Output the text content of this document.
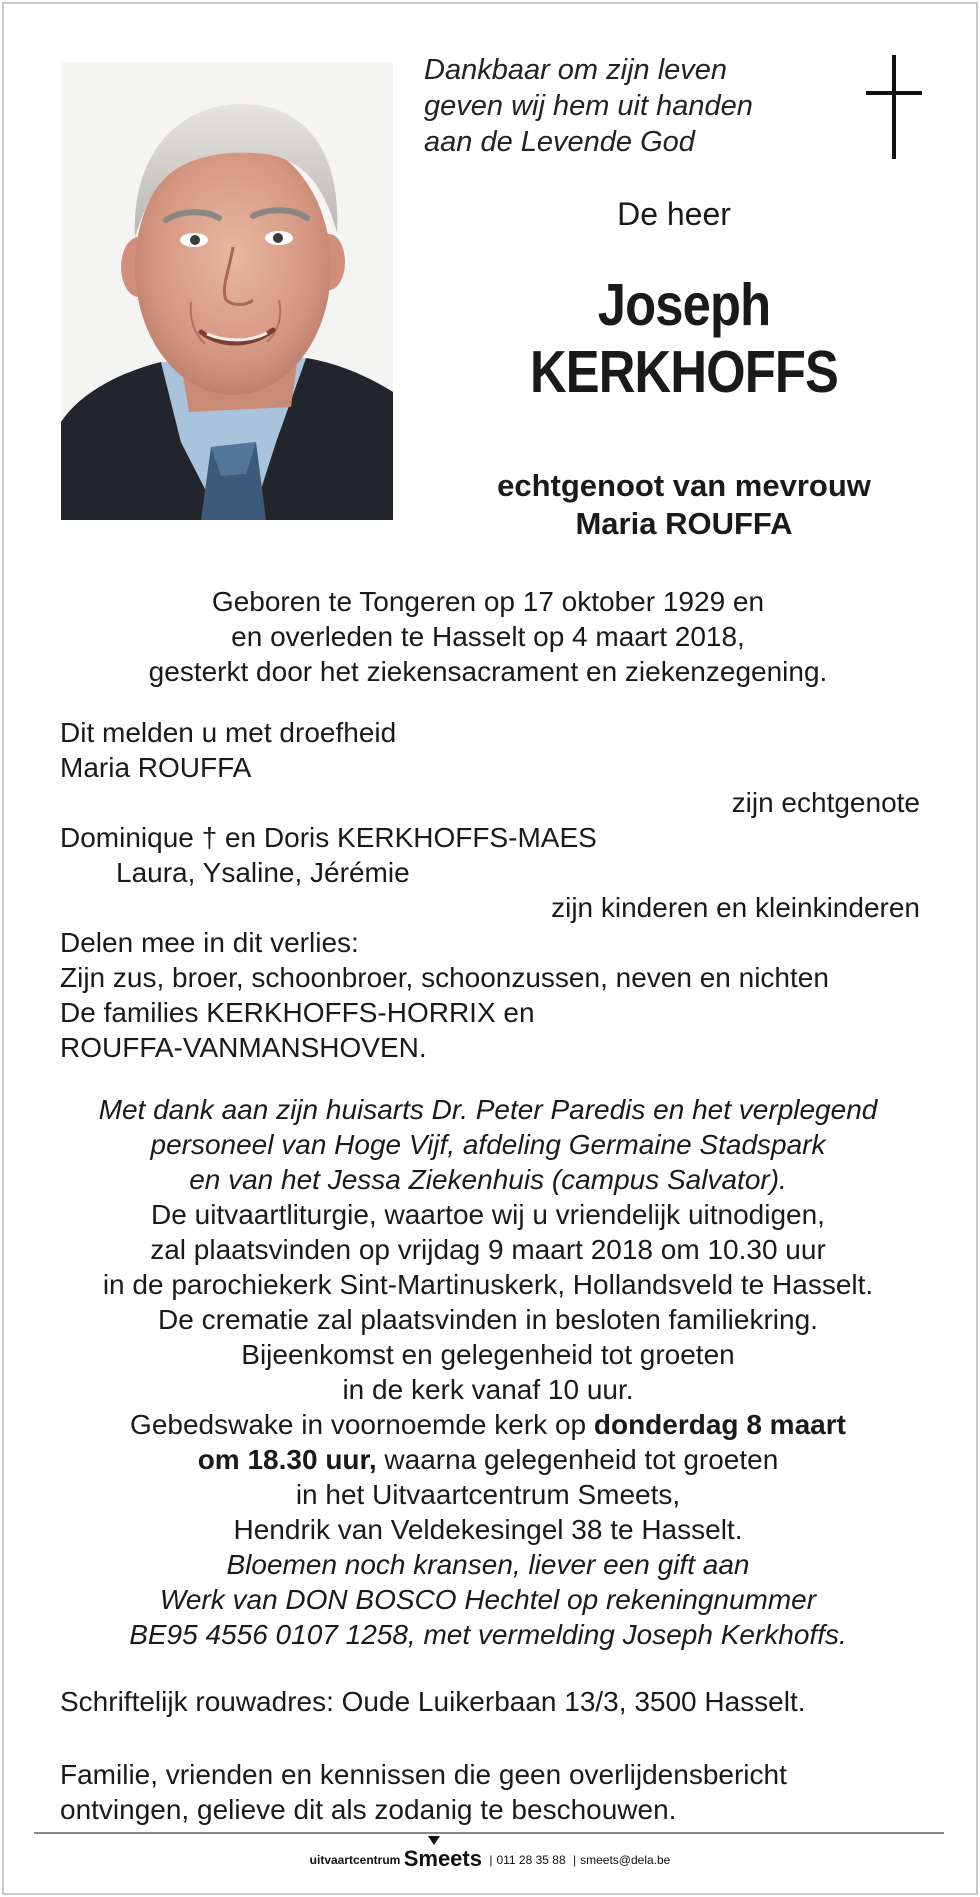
Dankbaar om zijn leven
geven wij hem uit handen
aan de Levende God
De heer
Joseph
KERKHOFFS
echtgenoot van mevrouw
Maria ROUFFA
Geboren te Tongeren op 17 oktober 1929 en
en overleden te Hasselt op 4 maart 2018,
gesterkt door het ziekensacrament en ziekenzegening.
Dit melden u met droefheid
Maria ROUFFA
zijn echtgenote
Dominique † en Doris KERKHOFFS-MAES
Laura, Ysaline, Jérémie
zijn kinderen en kleinkinderen
Delen mee in dit verlies:
Zijn zus, broer, schoonbroer, schoonzussen, neven en nichten
De families KERKHOFFS-HORRIX en
ROUFFA-VANMANSHOVEN.
Met dank aan zijn huisarts Dr. Peter Paredis en het verplegend
personeel van Hoge Vijf, afdeling Germaine Stadspark
en van het Jessa Ziekenhuis (campus Salvator).
De uitvaartliturgie, waartoe wij u vriendelijk uitnodigen,
zal plaatsvinden op vrijdag 9 maart 2018 om 10.30 uur
in de parochiekerk Sint-Martinuskerk, Hollandsveld te Hasselt.
De crematie zal plaatsvinden in besloten familiekring.
Bijeenkomst en gelegenheid tot groeten
in de kerk vanaf 10 uur.
Gebedswake in voornoemde kerk op donderdag 8 maart
om 18.30 uur, waarna gelegenheid tot groeten
in het Uitvaartcentrum Smeets,
Hendrik van Veldekesingel 38 te Hasselt.
Bloemen noch kransen, liever een gift aan
Werk van DON BOSCO Hechtel op rekeningnummer
BE95 4556 0107 1258, met vermelding Joseph Kerkhoffs.
Schriftelijk rouwadres: Oude Luikerbaan 13/3, 3500 Hasselt.
Familie, vrienden en kennissen die geen overlijdensbericht
ontvingen, gelieve dit als zodanig te beschouwen.
uitvaartcentrum Smeets | 011 28 35 88 | smeets@dela.be
